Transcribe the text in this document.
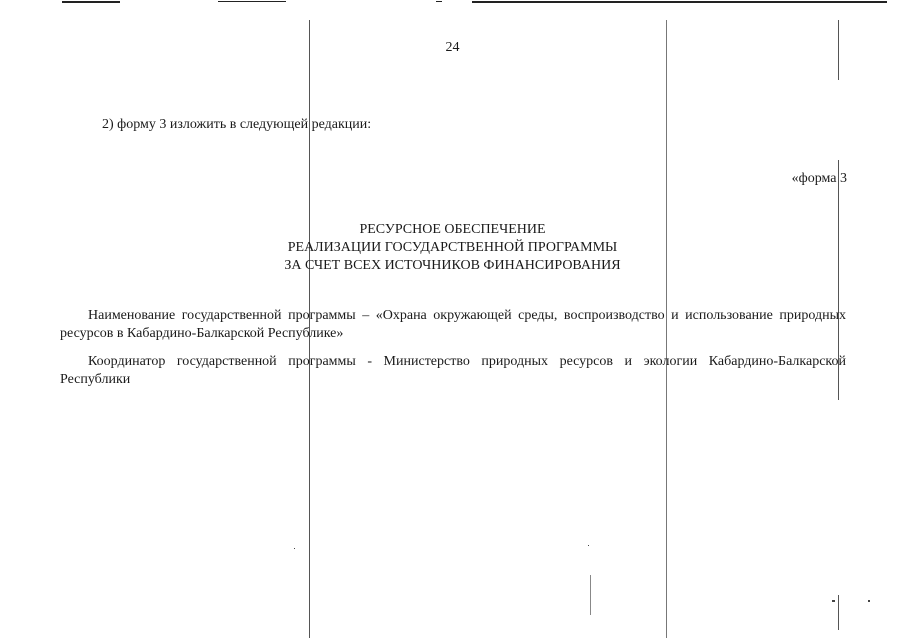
24
2) форму 3 изложить в следующей редакции:
«форма 3
РЕСУРСНОЕ ОБЕСПЕЧЕНИЕ
РЕАЛИЗАЦИИ ГОСУДАРСТВЕННОЙ ПРОГРАММЫ
ЗА СЧЕТ ВСЕХ ИСТОЧНИКОВ ФИНАНСИРОВАНИЯ
Наименование государственной программы – «Охрана окружающей среды, воспроизводство и использование природных ресурсов в Кабардино-Балкарской Республике»
Координатор государственной программы - Министерство природных ресурсов и экологии Кабардино-Балкарской Республики
